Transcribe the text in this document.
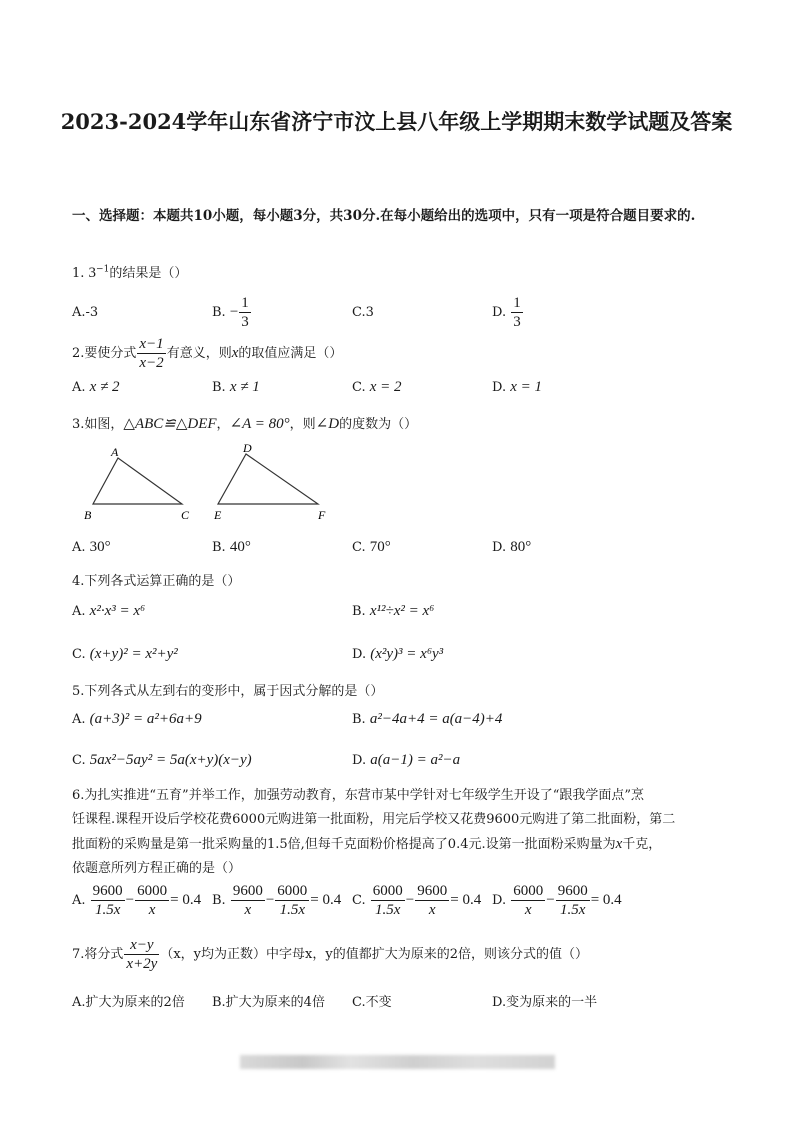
2023-2024学年山东省济宁市汶上县八年级上学期期末数学试题及答案
一、选择题：本题共10小题，每小题3分，共30分.在每小题给出的选项中，只有一项是符合题目要求的.
1. $3^{-1}$的结果是（）
A.-3	B. − $\frac{1}{3}$	C.3	D. $\frac{1}{3}$
2.要使分式 $\frac{x-1}{x-2}$ 有意义，则x的取值应满足（）
A. x ≠ 2	B. x ≠ 1	C. x = 2	D. x = 1
3.如图，△ABC≌△DEF，∠A = 80°，则∠D的度数为（）
A
B	C
D
E	F
A. 30°	B. 40°	C. 70°	D. 80°
4.下列各式运算正确的是（）
A. x²·x³ = x⁶	B. x¹²÷x² = x⁶
C. (x+y)² = x²+y²	D. (x²y)³ = x⁶y³
5.下列各式从左到右的变形中，属于因式分解的是（）
A. (a+3)² = a²+6a+9	B. a²−4a+4 = a(a−4)+4
C. 5ax²−5ay² = 5a(x+y)(x−y)	D. a(a−1) = a²−a
6.为扎实推进“五育”并举工作，加强劳动教育，东营市某中学针对七年级学生开设了“跟我学面点”烹
饪课程.课程开设后学校花费6000元购进第一批面粉，用完后学校又花费9600元购进了第二批面粉，第二
批面粉的采购量是第一批采购量的1.5倍,但每千克面粉价格提高了0.4元.设第一批面粉采购量为x千克，
依题意所列方程正确的是（）
A. $\frac{9600}{1.5x} - \frac{6000}{x} = 0.4$ B. $\frac{9600}{x} - \frac{6000}{1.5x} = 0.4$ C. $\frac{6000}{1.5x} - \frac{9600}{x} = 0.4$ D. $\frac{6000}{x} - \frac{9600}{1.5x} = 0.4$
7.将分式 $\frac{x-y}{x+2y} (x$，y均为正数）中字母x，y的值都扩大为原来的2倍，则该分式的值（）
A.扩大为原来的2倍 B.扩大为原来的4倍 C.不变	D.变为原来的一半
